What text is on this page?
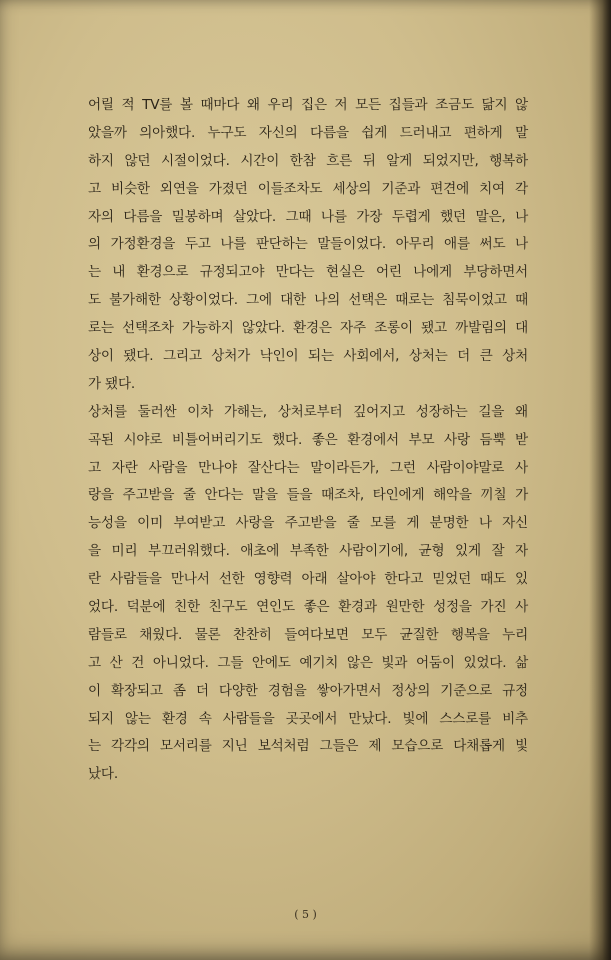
어릴 적 TV를 볼 때마다 왜 우리 집은 저 모든 집들과 조금도 닮지 않
았을까 의아했다. 누구도 자신의 다름을 쉽게 드러내고 편하게 말
하지 않던 시절이었다. 시간이 한참 흐른 뒤 알게 되었지만, 행복하
고 비슷한 외연을 가졌던 이들조차도 세상의 기준과 편견에 치여 각
자의 다름을 밀봉하며 살았다. 그때 나를 가장 두렵게 했던 말은, 나
의 가정환경을 두고 나를 판단하는 말들이었다. 아무리 애를 써도 나
는 내 환경으로 규정되고야 만다는 현실은 어린 나에게 부당하면서
도 불가해한 상황이었다. 그에 대한 나의 선택은 때로는 침묵이었고 때
로는 선택조차 가능하지 않았다. 환경은 자주 조롱이 됐고 까발림의 대
상이 됐다. 그리고 상처가 낙인이 되는 사회에서, 상처는 더 큰 상처
가 됐다.
상처를 둘러싼 이차 가해는, 상처로부터 깊어지고 성장하는 길을 왜
곡된 시야로 비틀어버리기도 했다. 좋은 환경에서 부모 사랑 듬뿍 받
고 자란 사람을 만나야 잘산다는 말이라든가, 그런 사람이야말로 사
랑을 주고받을 줄 안다는 말을 들을 때조차, 타인에게 해악을 끼칠 가
능성을 이미 부여받고 사랑을 주고받을 줄 모를 게 분명한 나 자신
을 미리 부끄러워했다. 애초에 부족한 사람이기에, 균형 있게 잘 자
란 사람들을 만나서 선한 영향력 아래 살아야 한다고 믿었던 때도 있
었다. 덕분에 친한 친구도 연인도 좋은 환경과 원만한 성정을 가진 사
람들로 채웠다. 물론 찬찬히 들여다보면 모두 균질한 행복을 누리
고 산 건 아니었다. 그들 안에도 예기치 않은 빛과 어둠이 있었다. 삶
이 확장되고 좀 더 다양한 경험을 쌓아가면서 정상의 기준으로 규정
되지 않는 환경 속 사람들을 곳곳에서 만났다. 빛에 스스로를 비추
는 각각의 모서리를 지닌 보석처럼 그들은 제 모습으로 다채롭게 빛
났다.
( 5 )
